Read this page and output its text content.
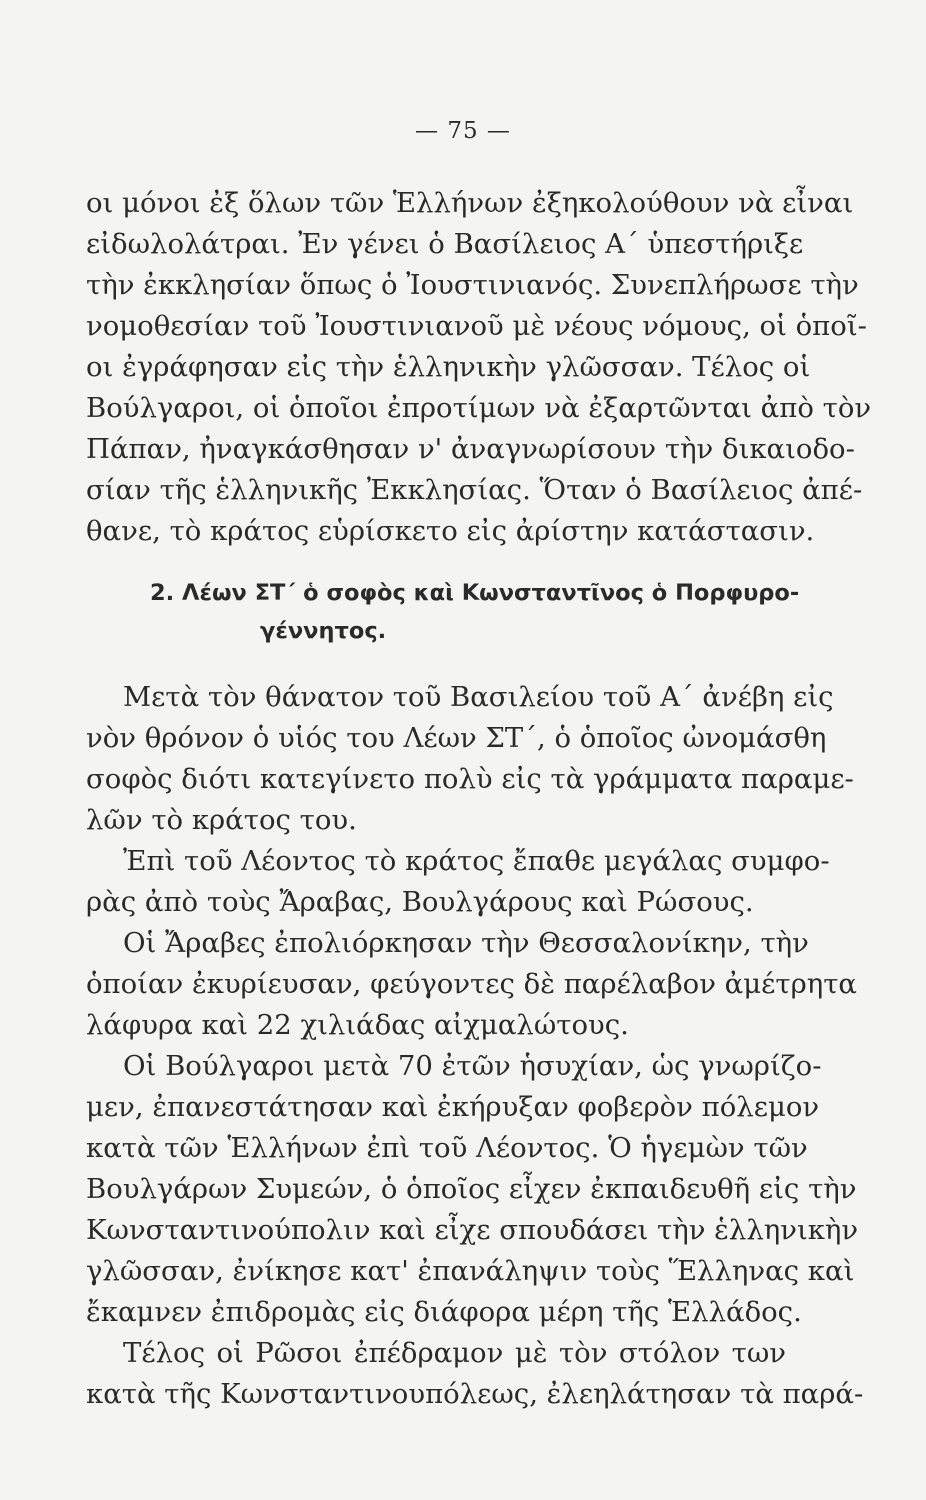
— 75 —
οι μόνοι ἐξ ὅλων τῶν Ἑλλήνων ἐξηκολούθουν νὰ εἶναι
εἰδωλολάτραι. Ἐν γένει ὁ Βασίλειος Α΄ ὑπεστήριξε
τὴν ἐκκλησίαν ὅπως ὁ Ἰουστινιανός. Συνεπλήρωσε τὴν
νομοθεσίαν τοῦ Ἰουστινιανοῦ μὲ νέους νόμους, οἱ ὁποῖ-
οι ἐγράφησαν εἰς τὴν ἑλληνικὴν γλῶσσαν. Τέλος οἱ
Βούλγαροι, οἱ ὁποῖοι ἐπροτίμων νὰ ἐξαρτῶνται ἀπὸ τὸν
Πάπαν, ἠναγκάσθησαν ν' ἀναγνωρίσουν τὴν δικαιοδο-
σίαν τῆς ἑλληνικῆς Ἐκκλησίας. Ὅταν ὁ Βασίλειος ἀπέ-
θανε, τὸ κράτος εὑρίσκετο εἰς ἀρίστην κατάστασιν.
2. Λέων ΣΤ΄ ὁ σοφὸς καὶ Κωνσταντῖνος ὁ Πορφυρο-
γέννητος.
Μετὰ τὸν θάνατον τοῦ Βασιλείου τοῦ Α΄ ἀνέβη εἰς
νὸν θρόνον ὁ υἱός του Λέων ΣΤ΄, ὁ ὁποῖος ὠνομάσθη
σοφὸς διότι κατεγίνετο πολὺ εἰς τὰ γράμματα παραμε-
λῶν τὸ κράτος του.
Ἐπὶ τοῦ Λέοντος τὸ κράτος ἔπαθε μεγάλας συμφο-
ρὰς ἀπὸ τοὺς Ἄραβας, Βουλγάρους καὶ Ρώσους.
Οἱ Ἄραβες ἐπολιόρκησαν τὴν Θεσσαλονίκην, τὴν
ὁποίαν ἐκυρίευσαν, φεύγοντες δὲ παρέλαβον ἀμέτρητα
λάφυρα καὶ 22 χιλιάδας αἰχμαλώτους.
Οἱ Βούλγαροι μετὰ 70 ἐτῶν ἡσυχίαν, ὡς γνωρίζο-
μεν, ἐπανεστάτησαν καὶ ἐκήρυξαν φοβερὸν πόλεμον
κατὰ τῶν Ἑλλήνων ἐπὶ τοῦ Λέοντος. Ὁ ἡγεμὼν τῶν
Βουλγάρων Συμεών, ὁ ὁποῖος εἶχεν ἐκπαιδευθῆ εἰς τὴν
Κωνσταντινούπολιν καὶ εἶχε σπουδάσει τὴν ἑλληνικὴν
γλῶσσαν, ἐνίκησε κατ' ἐπανάληψιν τοὺς Ἕλληνας καὶ
ἔκαμνεν ἐπιδρομὰς εἰς διάφορα μέρη τῆς Ἑλλάδος.
Τέλος οἱ Ρῶσοι ἐπέδραμον μὲ τὸν στόλον των
κατὰ τῆς Κωνσταντινουπόλεως, ἐλεηλάτησαν τὰ παρά-
